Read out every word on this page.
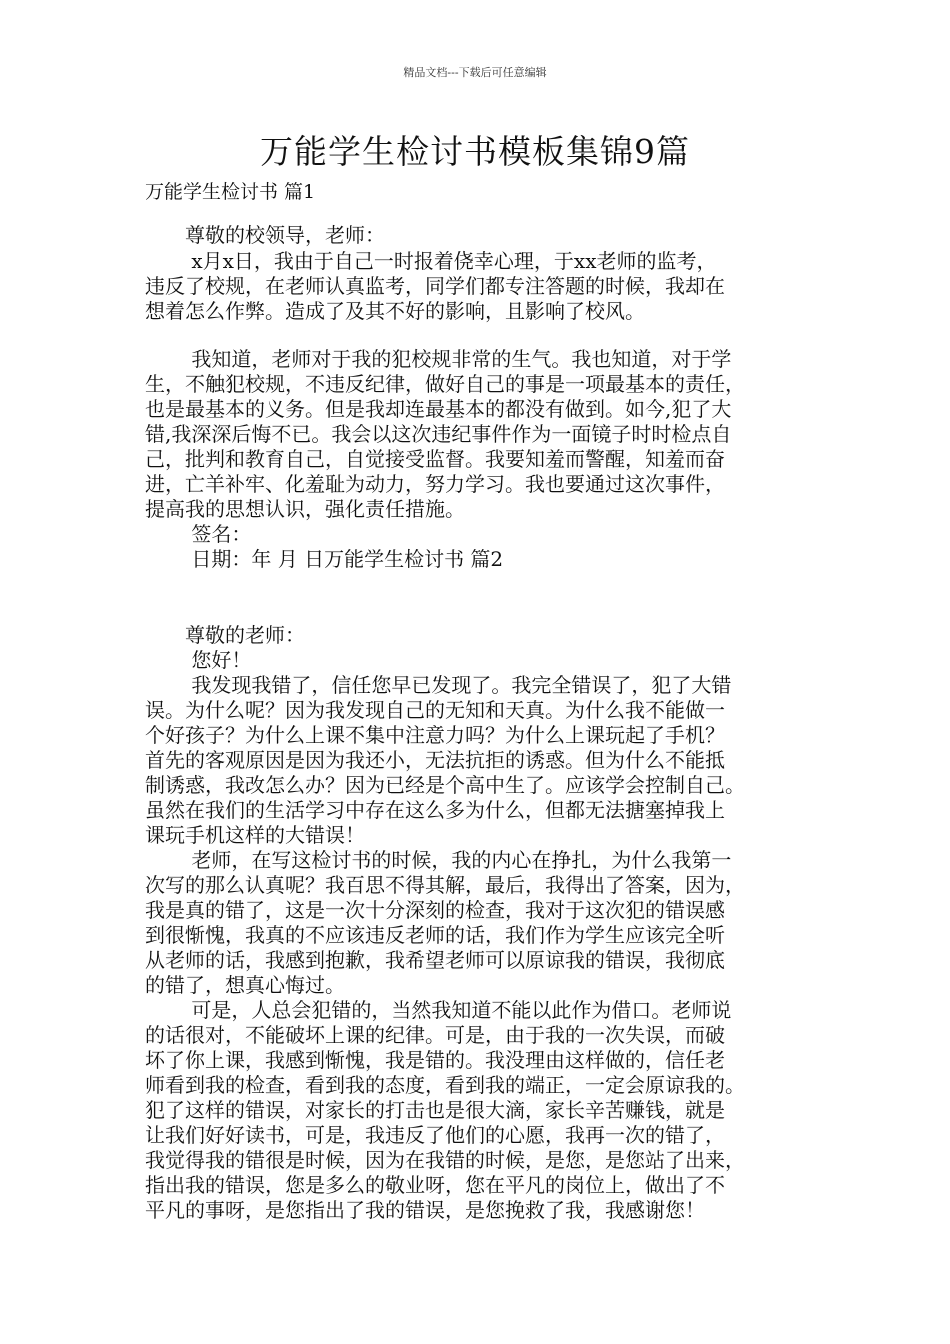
精品文档---下载后可任意编辑
万能学生检讨书模板集锦9篇
万能学生检讨书 篇1
　　尊敬的校领导，老师：
　　 x月x日，我由于自己一时报着侥幸心理，于xx老师的监考，
违反了校规，在老师认真监考，同学们都专注答题的时候，我却在
想着怎么作弊。造成了及其不好的影响，且影响了校风。
　　 我知道，老师对于我的犯校规非常的生气。我也知道，对于学
生，不触犯校规，不违反纪律，做好自己的事是一项最基本的责任，
也是最基本的义务。但是我却连最基本的都没有做到。如今,犯了大
错,我深深后悔不已。我会以这次违纪事件作为一面镜子时时检点自
己，批判和教育自己，自觉接受监督。我要知羞而警醒，知羞而奋
进，亡羊补牢、化羞耻为动力，努力学习。我也要通过这次事件，
提高我的思想认识，强化责任措施。
　　 签名：
　　 日期：年 月 日万能学生检讨书 篇2
　　尊敬的老师：
　　 您好！
　　 我发现我错了，信任您早已发现了。我完全错误了，犯了大错
误。为什么呢？因为我发现自己的无知和天真。为什么我不能做一
个好孩子？为什么上课不集中注意力吗？为什么上课玩起了手机？
首先的客观原因是因为我还小，无法抗拒的诱惑。但为什么不能抵
制诱惑，我改怎么办？因为已经是个高中生了。应该学会控制自己。
虽然在我们的生活学习中存在这么多为什么，但都无法搪塞掉我上
课玩手机这样的大错误！
　　 老师，在写这检讨书的时候，我的内心在挣扎，为什么我第一
次写的那么认真呢？我百思不得其解，最后，我得出了答案，因为，
我是真的错了，这是一次十分深刻的检查，我对于这次犯的错误感
到很惭愧，我真的不应该违反老师的话，我们作为学生应该完全听
从老师的话，我感到抱歉，我希望老师可以原谅我的错误，我彻底
的错了，想真心悔过。
　　 可是，人总会犯错的，当然我知道不能以此作为借口。老师说
的话很对，不能破坏上课的纪律。可是，由于我的一次失误，而破
坏了你上课，我感到惭愧，我是错的。我没理由这样做的，信任老
师看到我的检查，看到我的态度，看到我的端正，一定会原谅我的。
犯了这样的错误，对家长的打击也是很大滴，家长辛苦赚钱，就是
让我们好好读书，可是，我违反了他们的心愿，我再一次的错了，
我觉得我的错很是时候，因为在我错的时候，是您，是您站了出来，
指出我的错误，您是多么的敬业呀，您在平凡的岗位上，做出了不
平凡的事呀，是您指出了我的错误，是您挽救了我，我感谢您！
